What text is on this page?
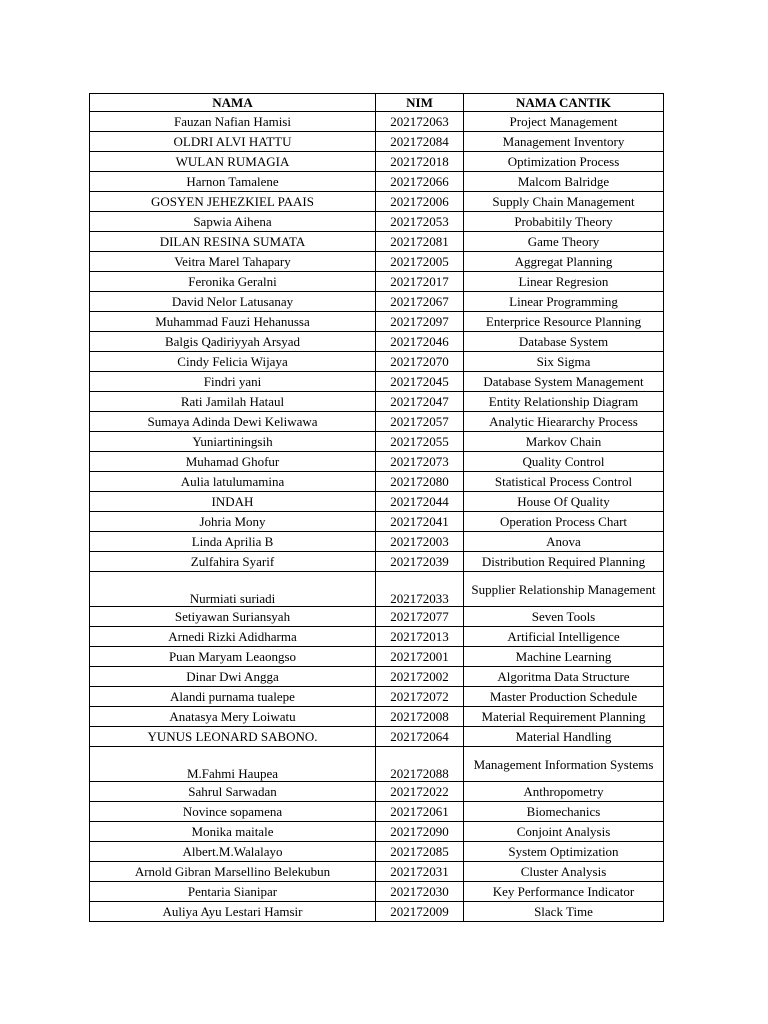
NAMA	NIM	NAMA CANTIK
Fauzan Nafian Hamisi	202172063	Project Management
OLDRI ALVI HATTU	202172084	Management Inventory
WULAN RUMAGIA	202172018	Optimization Process
Harnon Tamalene	202172066	Malcom Balridge
GOSYEN JEHEZKIEL PAAIS	202172006	Supply Chain Management
Sapwia Aihena	202172053	Probabitily Theory
DILAN RESINA SUMATA	202172081	Game Theory
Veitra Marel Tahapary	202172005	Aggregat Planning
Feronika Geralni	202172017	Linear Regresion
David Nelor Latusanay	202172067	Linear Programming
Muhammad Fauzi Hehanussa	202172097	Enterprice Resource Planning
Balgis Qadiriyyah Arsyad	202172046	Database System
Cindy Felicia Wijaya	202172070	Six Sigma
Findri yani	202172045	Database System Management
Rati Jamilah Hataul	202172047	Entity Relationship Diagram
Sumaya Adinda Dewi Keliwawa	202172057	Analytic Hieararchy Process
Yuniartiningsih	202172055	Markov Chain
Muhamad Ghofur	202172073	Quality Control
Aulia latulumamina	202172080	Statistical Process Control
INDAH	202172044	House Of Quality
Johria Mony	202172041	Operation Process Chart
Linda Aprilia B	202172003	Anova
Zulfahira Syarif	202172039	Distribution Required Planning
Nurmiati suriadi	202172033	Supplier Relationship Management
Setiyawan Suriansyah	202172077	Seven Tools
Arnedi Rizki Adidharma	202172013	Artificial Intelligence
Puan Maryam Leaongso	202172001	Machine Learning
Dinar Dwi Angga	202172002	Algoritma Data Structure
Alandi purnama tualepe	202172072	Master Production Schedule
Anatasya Mery Loiwatu	202172008	Material Requirement Planning
YUNUS LEONARD SABONO.	202172064	Material Handling
M.Fahmi Haupea	202172088	Management Information Systems
Sahrul Sarwadan	202172022	Anthropometry
Novince sopamena	202172061	Biomechanics
Monika maitale	202172090	Conjoint Analysis
Albert.M.Walalayo	202172085	System Optimization
Arnold Gibran Marsellino Belekubun	202172031	Cluster Analysis
Pentaria Sianipar	202172030	Key Performance Indicator
Auliya Ayu Lestari Hamsir	202172009	Slack Time
